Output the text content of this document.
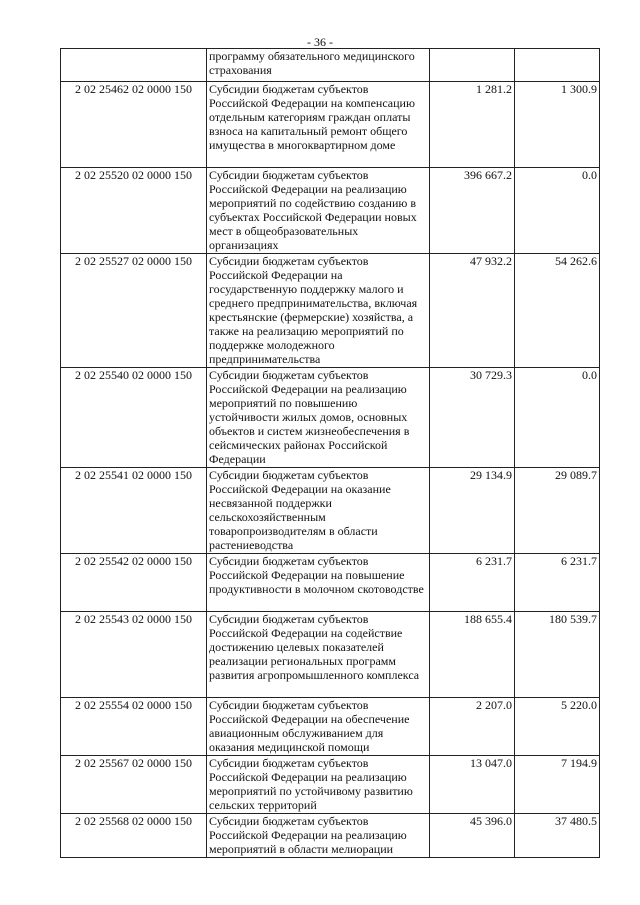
- 36 -
	программу обязательного медицинского страхования		
2 02 25462 02 0000 150	Субсидии бюджетам субъектов Российской Федерации на компенсацию отдельным категориям граждан оплаты взноса на капитальный ремонт общего имущества в многоквартирном доме	1 281.2	1 300.9
2 02 25520 02 0000 150	Субсидии бюджетам субъектов Российской Федерации на реализацию мероприятий по содействию созданию в субъектах Российской Федерации новых мест в общеобразовательных организациях	396 667.2	0.0
2 02 25527 02 0000 150	Субсидии бюджетам субъектов Российской Федерации на государственную поддержку малого и среднего предпринимательства, включая крестьянские (фермерские) хозяйства, а также на реализацию мероприятий по поддержке молодежного предпринимательства	47 932.2	54 262.6
2 02 25540 02 0000 150	Субсидии бюджетам субъектов Российской Федерации на реализацию мероприятий по повышению устойчивости жилых домов, основных объектов и систем жизнеобеспечения в сейсмических районах Российской Федерации	30 729.3	0.0
2 02 25541 02 0000 150	Субсидии бюджетам субъектов Российской Федерации на оказание несвязанной поддержки сельскохозяйственным товаропроизводителям в области растениеводства	29 134.9	29 089.7
2 02 25542 02 0000 150	Субсидии бюджетам субъектов Российской Федерации на повышение продуктивности в молочном скотоводстве	6 231.7	6 231.7
2 02 25543 02 0000 150	Субсидии бюджетам субъектов Российской Федерации на содействие достижению целевых показателей реализации региональных программ развития агропромышленного комплекса	188 655.4	180 539.7
2 02 25554 02 0000 150	Субсидии бюджетам субъектов Российской Федерации на обеспечение авиационным обслуживанием для оказания медицинской помощи	2 207.0	5 220.0
2 02 25567 02 0000 150	Субсидии бюджетам субъектов Российской Федерации на реализацию мероприятий по устойчивому развитию сельских территорий	13 047.0	7 194.9
2 02 25568 02 0000 150	Субсидии бюджетам субъектов Российской Федерации на реализацию мероприятий в области мелиорации	45 396.0	37 480.5
